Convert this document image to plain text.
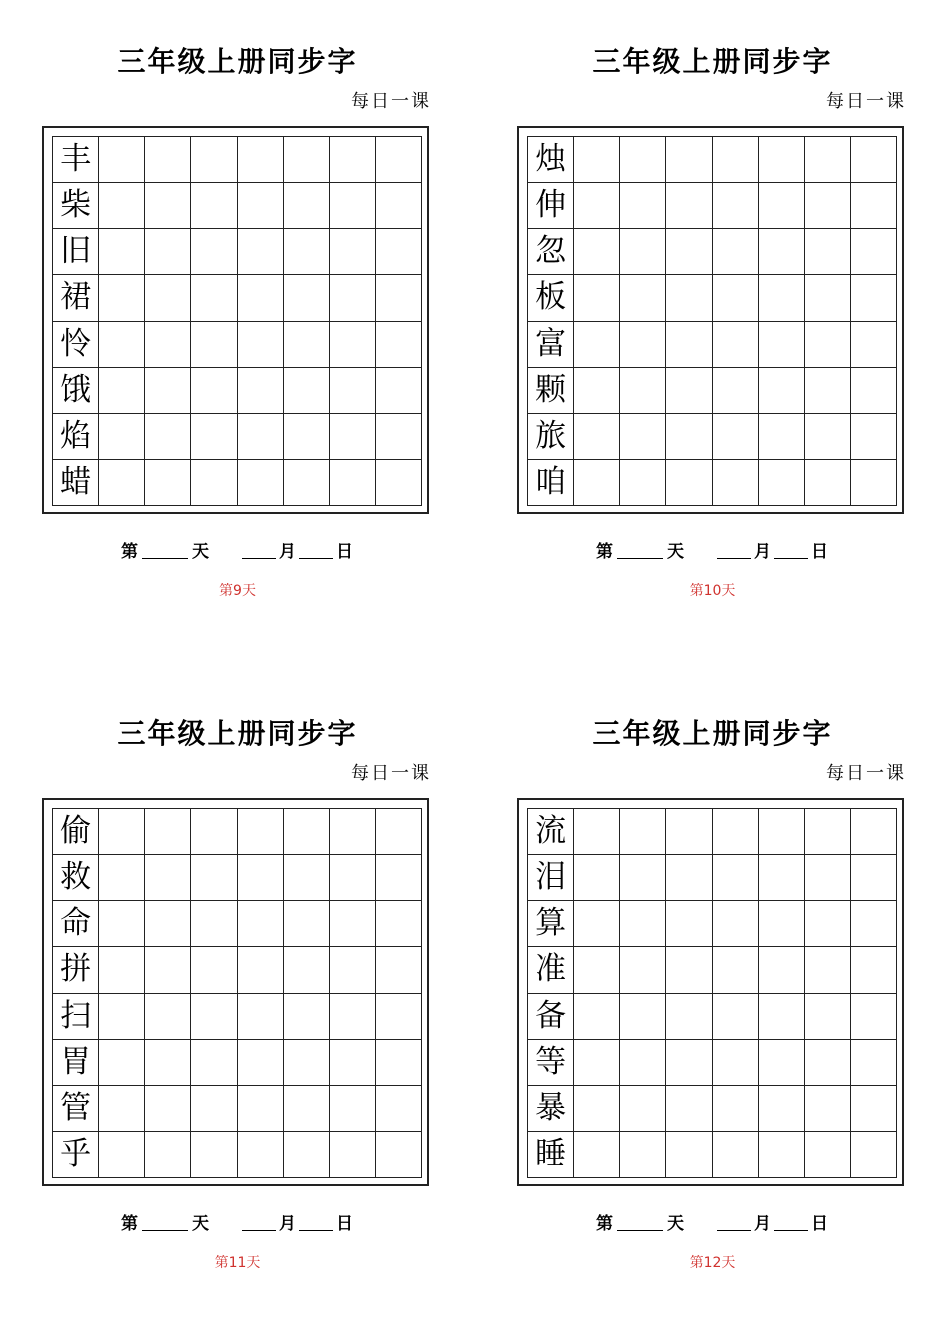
三年级上册同步字
每日一课
丰
柴
旧
裙
怜
饿
焰
蜡
第	天	月 日
第9天
三年级上册同步字
每日一课
烛
伸
忽
板
富
颗
旅
咱
第	天	月 日
第10天
三年级上册同步字
每日一课
偷
救
命
拼
扫
胃
管
乎
第	天	月 日
第11天
三年级上册同步字
每日一课
流
泪
算
准
备
等
暴
睡
第	天	月 日
第12天
